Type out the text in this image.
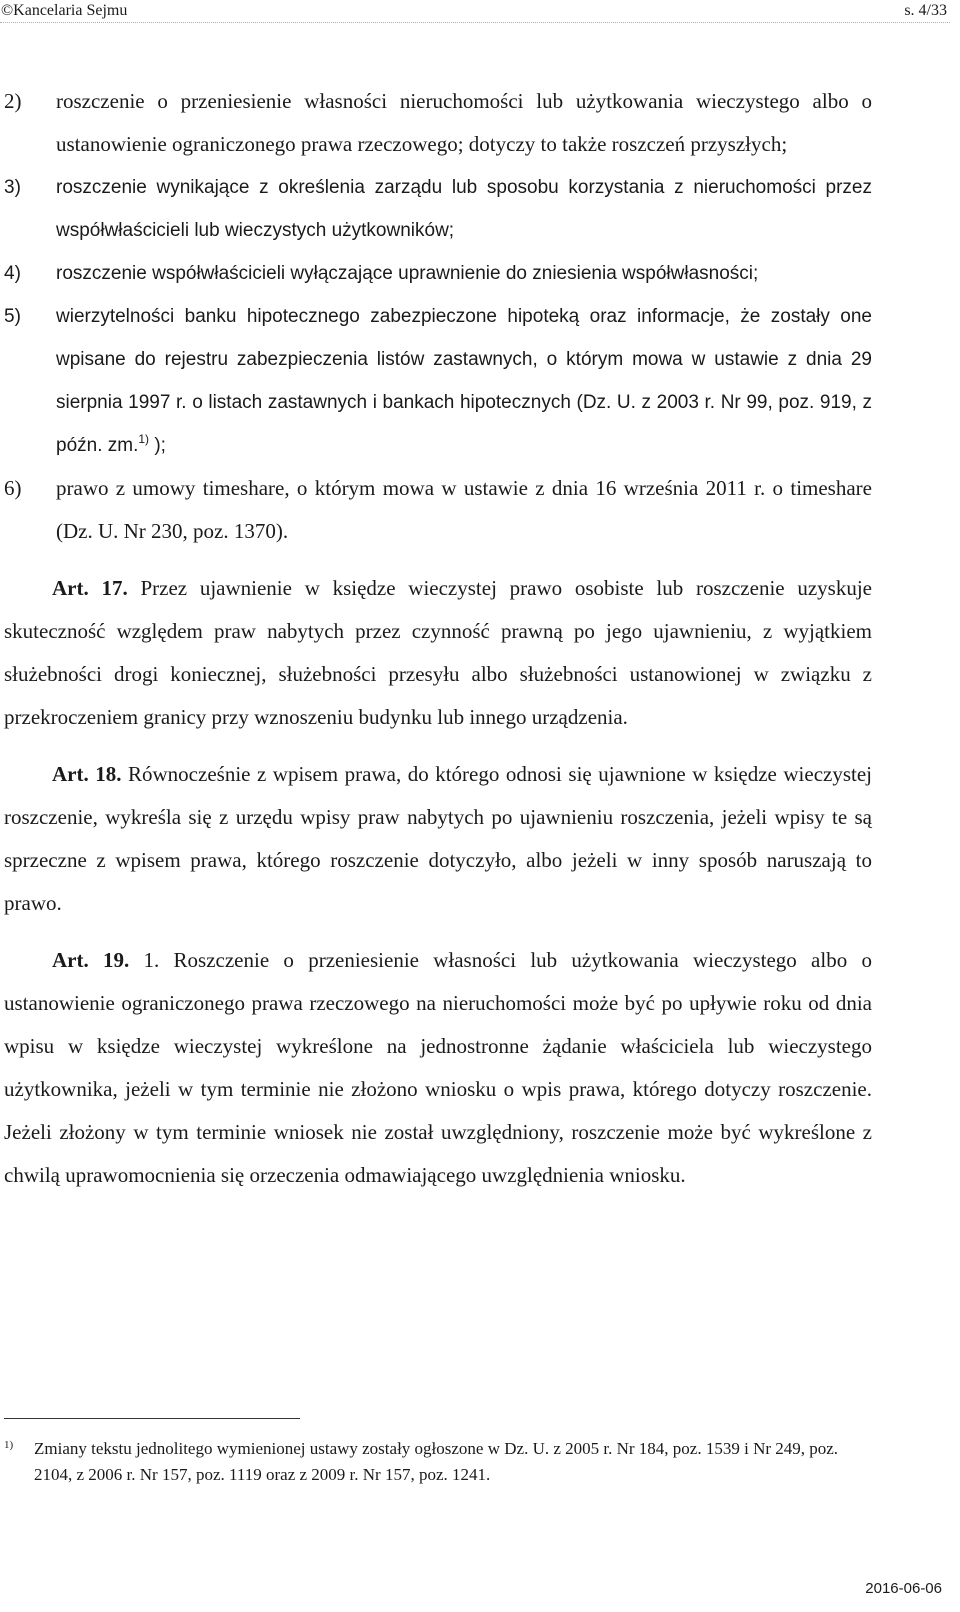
©Kancelaria Sejmu	s. 4/33
2) roszczenie o przeniesienie własności nieruchomości lub użytkowania wieczystego albo o ustanowienie ograniczonego prawa rzeczowego; dotyczy to także roszczeń przyszłych;
3) roszczenie wynikające z określenia zarządu lub sposobu korzystania z nieruchomości przez współwłaścicieli lub wieczystych użytkowników;
4) roszczenie współwłaścicieli wyłączające uprawnienie do zniesienia współwłasności;
5) wierzytelności banku hipotecznego zabezpieczone hipoteką oraz informacje, że zostały one wpisane do rejestru zabezpieczenia listów zastawnych, o którym mowa w ustawie z dnia 29 sierpnia 1997 r. o listach zastawnych i bankach hipotecznych (Dz. U. z 2003 r. Nr 99, poz. 919, z późn. zm.$^{1)}$ );
6) prawo z umowy timeshare, o którym mowa w ustawie z dnia 16 września 2011 r. o timeshare (Dz. U. Nr 230, poz. 1370).
Art. 17. Przez ujawnienie w księdze wieczystej prawo osobiste lub roszczenie uzyskuje skuteczność względem praw nabytych przez czynność prawną po jego ujawnieniu, z wyjątkiem służebności drogi koniecznej, służebności przesyłu albo służebności ustanowionej w związku z przekroczeniem granicy przy wznoszeniu budynku lub innego urządzenia.
Art. 18. Równocześnie z wpisem prawa, do którego odnosi się ujawnione w księdze wieczystej roszczenie, wykreśla się z urzędu wpisy praw nabytych po ujawnieniu roszczenia, jeżeli wpisy te są sprzeczne z wpisem prawa, którego roszczenie dotyczyło, albo jeżeli w inny sposób naruszają to prawo.
Art. 19. 1. Roszczenie o przeniesienie własności lub użytkowania wieczystego albo o ustanowienie ograniczonego prawa rzeczowego na nieruchomości może być po upływie roku od dnia wpisu w księdze wieczystej wykreślone na jednostronne żądanie właściciela lub wieczystego użytkownika, jeżeli w tym terminie nie złożono wniosku o wpis prawa, którego dotyczy roszczenie. Jeżeli złożony w tym terminie wniosek nie został uwzględniony, roszczenie może być wykreślone z chwilą uprawomocnienia się orzeczenia odmawiającego uwzględnienia wniosku.
1)	Zmiany tekstu jednolitego wymienionej ustawy zostały ogłoszone w Dz. U. z 2005 r. Nr 184, poz. 1539 i Nr 249, poz. 2104, z 2006 r. Nr 157, poz. 1119 oraz z 2009 r. Nr 157, poz. 1241.
2016-06-06
